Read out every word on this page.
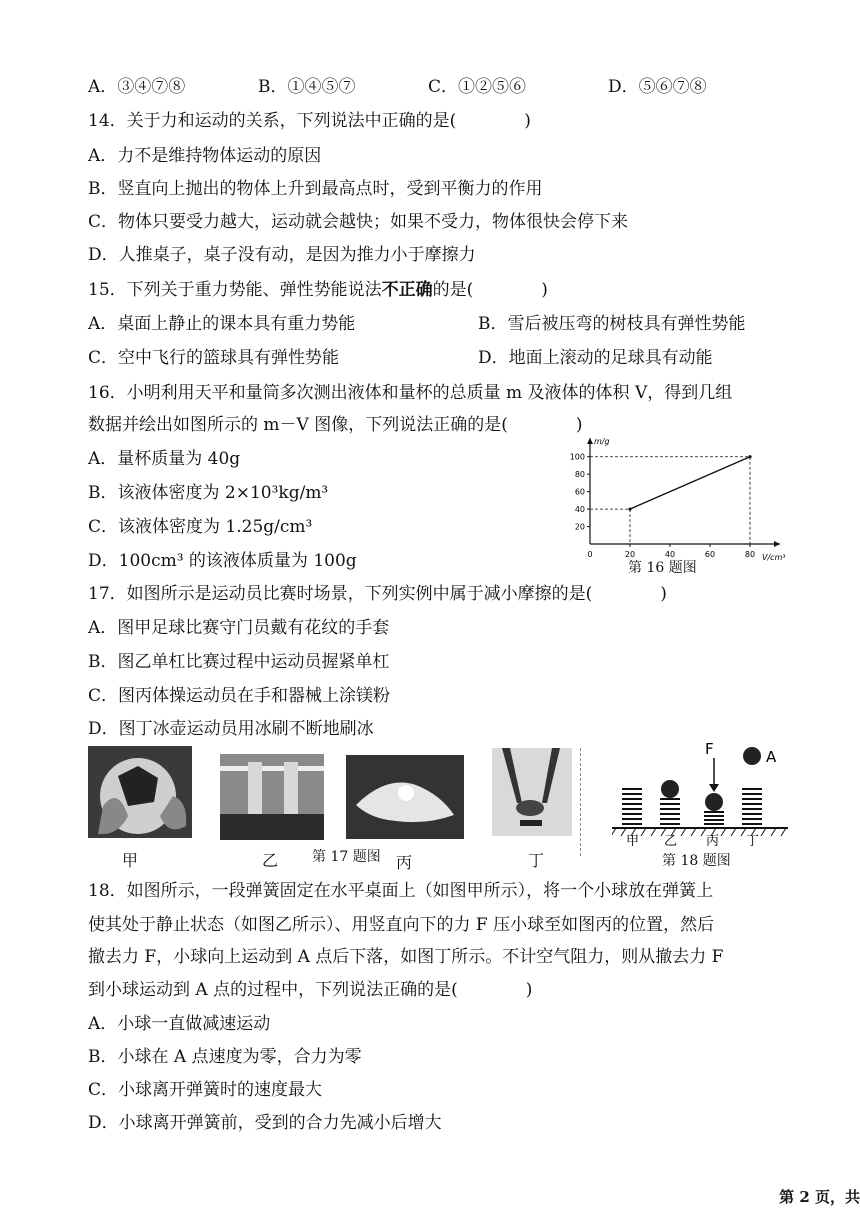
A．③④⑦⑧	B．①④⑤⑦	C．①②⑤⑥	D．⑤⑥⑦⑧
14．关于力和运动的关系，下列说法中正确的是(　　　　)
A．力不是维持物体运动的原因
B．竖直向上抛出的物体上升到最高点时，受到平衡力的作用
C．物体只要受力越大，运动就会越快；如果不受力，物体很快会停下来
D．人推桌子，桌子没有动，是因为推力小于摩擦力
15．下列关于重力势能、弹性势能说法不正确的是(　　　　)
A．桌面上静止的课本具有重力势能	B．雪后被压弯的树枝具有弹性势能
C．空中飞行的篮球具有弹性势能	D．地面上滚动的足球具有动能
16．小明利用天平和量筒多次测出液体和量杯的总质量 m 及液体的体积 V，得到几组
数据并绘出如图所示的 m－V 图像，下列说法正确的是(　　　　)
A．量杯质量为 40g
B．该液体密度为 2×10³kg/m³
C．该液体密度为 1.25g/cm³
D．100cm³ 的该液体质量为 100g
20
40
60
80
100
0	20	40	60	80
m/g
V/cm³
第 16 题图
17．如图所示是运动员比赛时场景，下列实例中属于减小摩擦的是(　　　　)
A．图甲足球比赛守门员戴有花纹的手套
B．图乙单杠比赛过程中运动员握紧单杠
C．图丙体操运动员在手和器械上涂镁粉
D．图丁冰壶运动员用冰刷不断地刷冰
甲	乙 第 17 题图 丙	丁
F	A
甲 乙 丙 丁
第 18 题图
18．如图所示，一段弹簧固定在水平桌面上（如图甲所示），将一个小球放在弹簧上
使其处于静止状态（如图乙所示）、用竖直向下的力 F 压小球至如图丙的位置，然后
撤去力 F，小球向上运动到 A 点后下落，如图丁所示。不计空气阻力，则从撤去力 F
到小球运动到 A 点的过程中，下列说法正确的是(　　　　)
A．小球一直做减速运动
B．小球在 A 点速度为零，合力为零
C．小球离开弹簧时的速度最大
D．小球离开弹簧前，受到的合力先减小后增大
第 2 页，共
